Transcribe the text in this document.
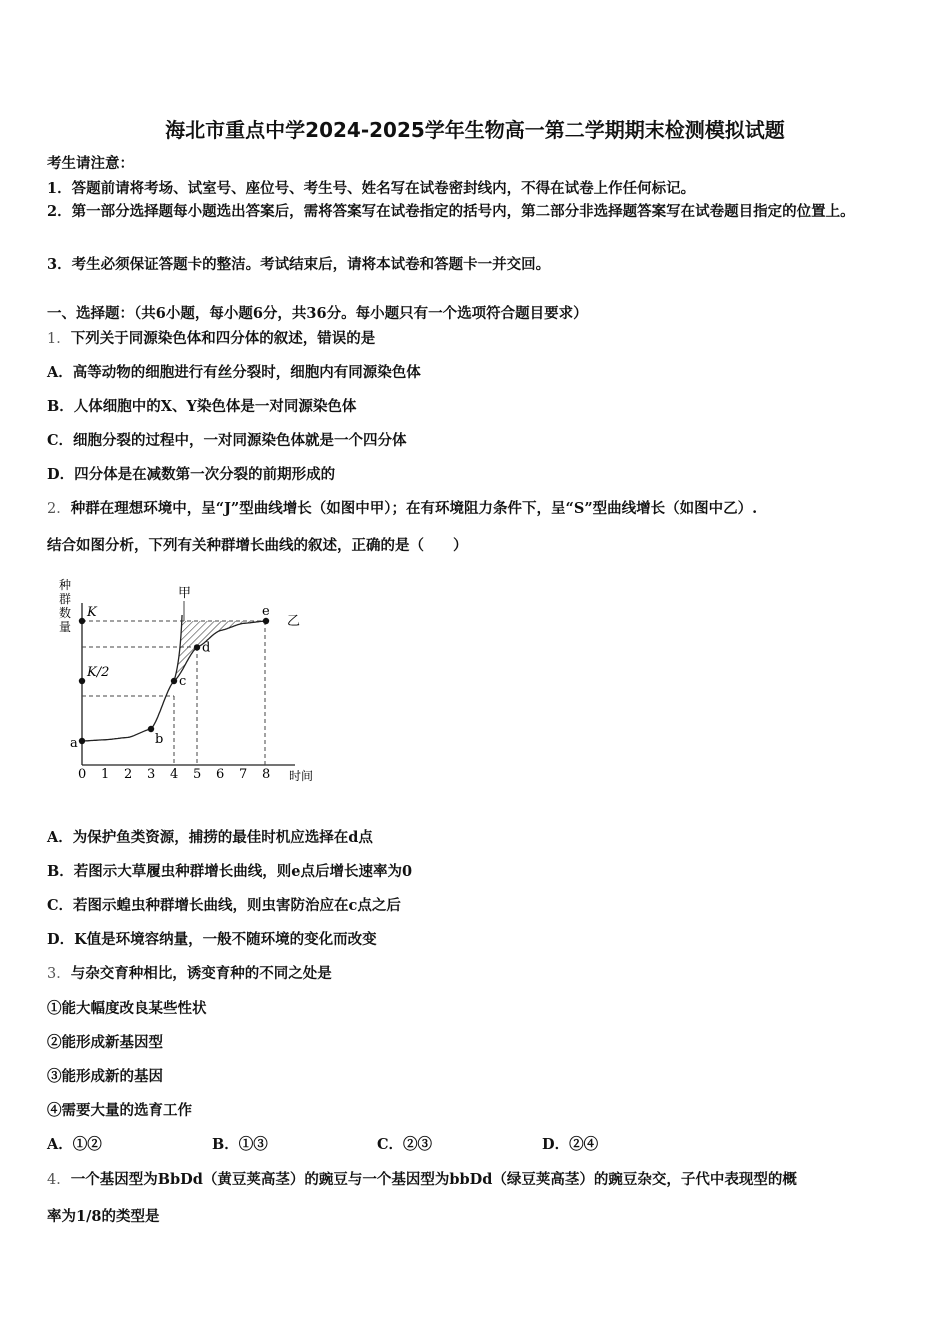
海北市重点中学2024-2025学年生物高一第二学期期末检测模拟试题
考生请注意：
1．答题前请将考场、试室号、座位号、考生号、姓名写在试卷密封线内，不得在试卷上作任何标记。
2．第一部分选择题每小题选出答案后，需将答案写在试卷指定的括号内，第二部分非选择题答案写在试卷题目指定的位置上。
3．考生必须保证答题卡的整洁。考试结束后，请将本试卷和答题卡一并交回。
一、选择题：（共6小题，每小题6分，共36分。每小题只有一个选项符合题目要求）
1．下列关于同源染色体和四分体的叙述，错误的是
A．高等动物的细胞进行有丝分裂时，细胞内有同源染色体
B．人体细胞中的X、Y染色体是一对同源染色体
C．细胞分裂的过程中，一对同源染色体就是一个四分体
D．四分体是在减数第一次分裂的前期形成的
2．种群在理想环境中，呈“J”型曲线增长（如图中甲）；在有环境阻力条件下，呈“S”型曲线增长（如图中乙）.
结合如图分析，下列有关种群增长曲线的叙述，正确的是（　　）
种
群
数
量
a	b
c
d
e
K
K/2
甲
乙
0 1 2 3 4 5 6 7 8 时间
A．为保护鱼类资源，捕捞的最佳时机应选择在d点
B．若图示大草履虫种群增长曲线，则e点后增长速率为0
C．若图示蝗虫种群增长曲线，则虫害防治应在c点之后
D．K值是环境容纳量，一般不随环境的变化而改变
3．与杂交育种相比，诱变育种的不同之处是
①能大幅度改良某些性状
②能形成新基因型
③能形成新的基因
④需要大量的选育工作
A．①②	B．①③	C．②③	D．②④
4．一个基因型为BbDd（黄豆荚高茎）的豌豆与一个基因型为bbDd（绿豆荚高茎）的豌豆杂交，子代中表现型的概
率为1/8的类型是
